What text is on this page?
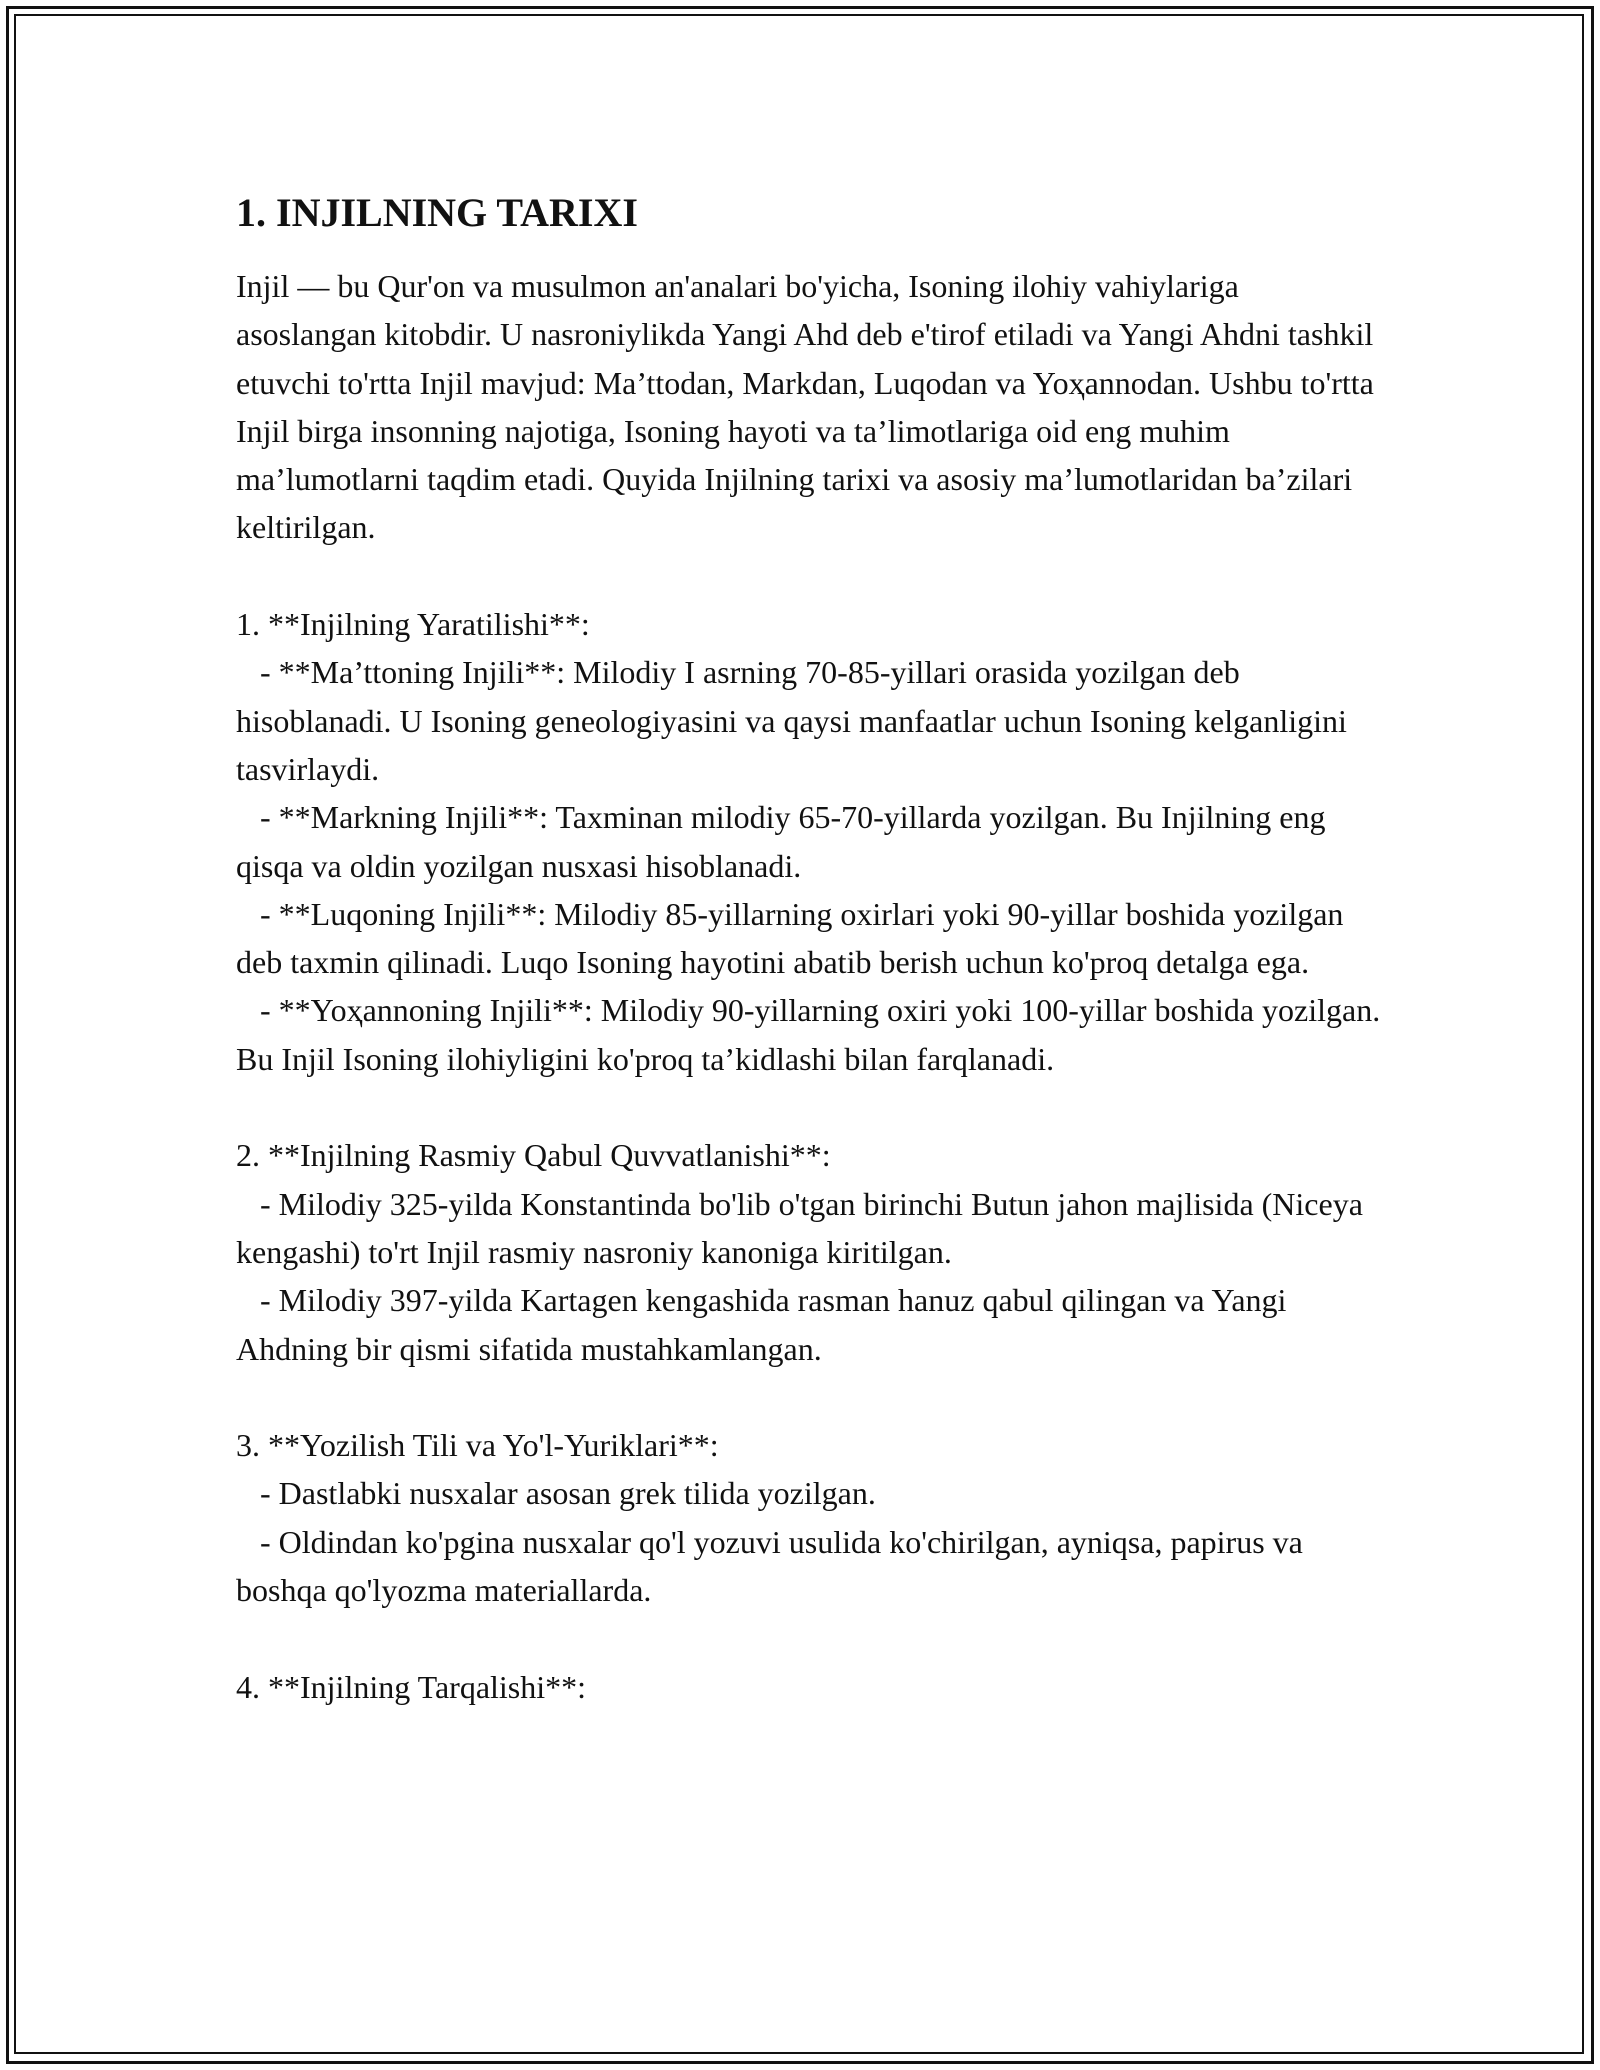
1. INJILNING TARIXI

Injil — bu Qur'on va musulmon an'analari bo'yicha, Isoning ilohiy vahiylariga asoslangan kitobdir. U nasroniylikda Yangi Ahd deb e'tirof etiladi va Yangi Ahdni tashkil etuvchi to'rtta Injil mavjud: Ma’ttodan, Markdan, Luqodan va Yoҳannodan. Ushbu to'rtta Injil birga insonning najotiga, Isoning hayoti va ta’limotlariga oid eng muhim ma’lumotlarni taqdim etadi. Quyida Injilning tarixi va asosiy ma’lumotlaridan ba’zilari keltirilgan.

1. **Injilning Yaratilishi**:

- **Ma’ttoning Injili**: Milodiy I asrning 70-85-yillari orasida yozilgan deb hisoblanadi. U Isoning geneologiyasini va qaysi manfaatlar uchun Isoning kelganligini tasvirlaydi.

- **Markning Injili**: Taxminan milodiy 65-70-yillarda yozilgan. Bu Injilning eng qisqa va oldin yozilgan nusxasi hisoblanadi.

- **Luqoning Injili**: Milodiy 85-yillarning oxirlari yoki 90-yillar boshida yozilgan deb taxmin qilinadi. Luqo Isoning hayotini abatib berish uchun ko'proq detalga ega.

- **Yoҳannoning Injili**: Milodiy 90-yillarning oxiri yoki 100-yillar boshida yozilgan. Bu Injil Isoning ilohiyligini ko'proq ta’kidlashi bilan farqlanadi.

2. **Injilning Rasmiy Qabul Quvvatlanishi**:

- Milodiy 325-yilda Konstantinda bo'lib o'tgan birinchi Butun jahon majlisida (Niceya kengashi) to'rt Injil rasmiy nasroniy kanoniga kiritilgan.

- Milodiy 397-yilda Kartagen kengashida rasman hanuz qabul qilingan va Yangi Ahdning bir qismi sifatida mustahkamlangan.

3. **Yozilish Tili va Yo'l-Yuriklari**:

- Dastlabki nusxalar asosan grek tilida yozilgan.

- Oldindan ko'pgina nusxalar qo'l yozuvi usulida ko'chirilgan, ayniqsa, papirus va boshqa qo'lyozma materiallarda.

4. **Injilning Tarqalishi**:
